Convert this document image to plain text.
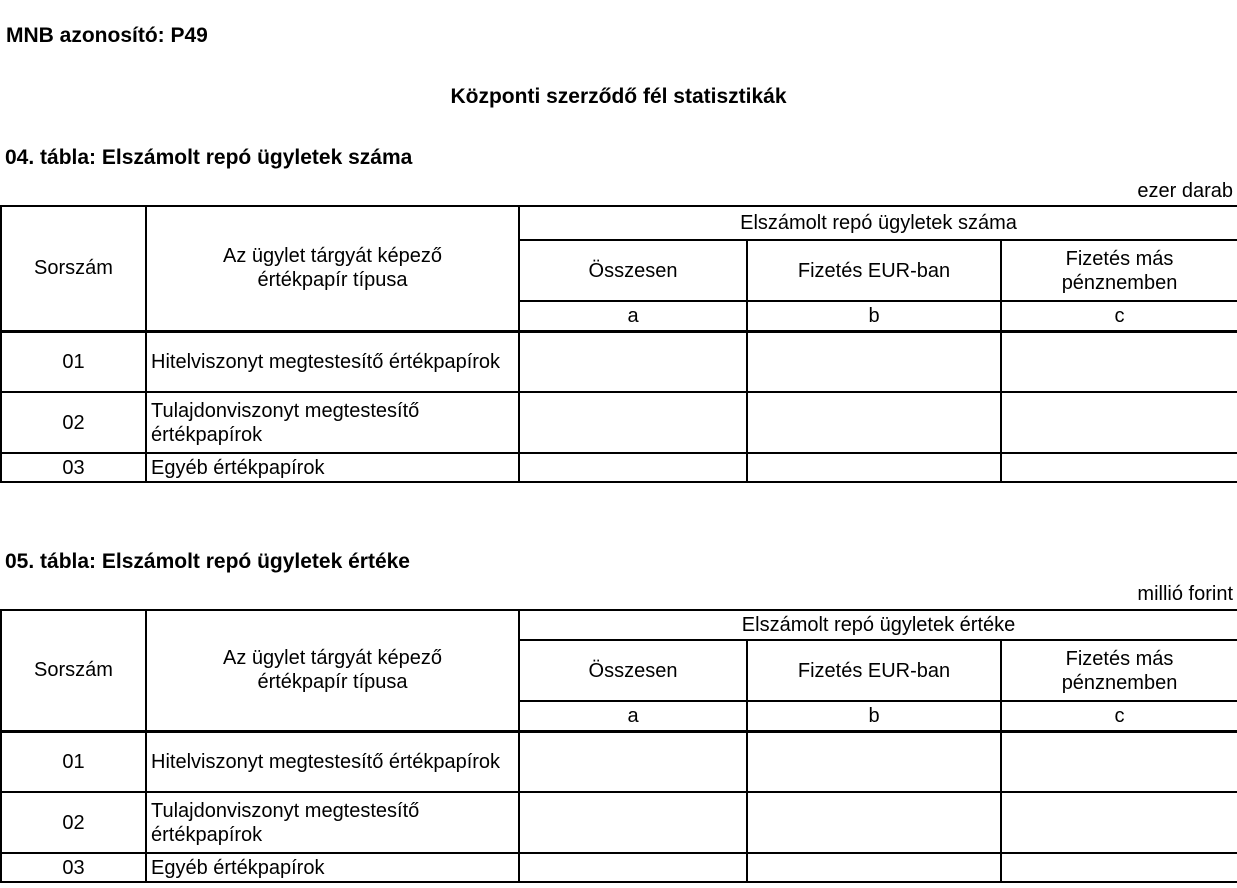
MNB azonosító: P49
Központi szerződő fél statisztikák
04. tábla: Elszámolt repó ügyletek száma
ezer darab
Sorszám	Az ügylet tárgyát képező értékpapír típusa	Elszámolt repó ügyletek száma		
		Összesen	Fizetés EUR-ban	Fizetés más pénznemben
		a	b	c
01	Hitelviszonyt megtestesítő értékpapírok			
02	Tulajdonviszonyt megtestesítő értékpapírok			
03	Egyéb értékpapírok			
05. tábla: Elszámolt repó ügyletek értéke
millió forint
Sorszám	Az ügylet tárgyát képező értékpapír típusa	Elszámolt repó ügyletek értéke		
		Összesen	Fizetés EUR-ban	Fizetés más pénznemben
		a	b	c
01	Hitelviszonyt megtestesítő értékpapírok			
02	Tulajdonviszonyt megtestesítő értékpapírok			
03	Egyéb értékpapírok			
